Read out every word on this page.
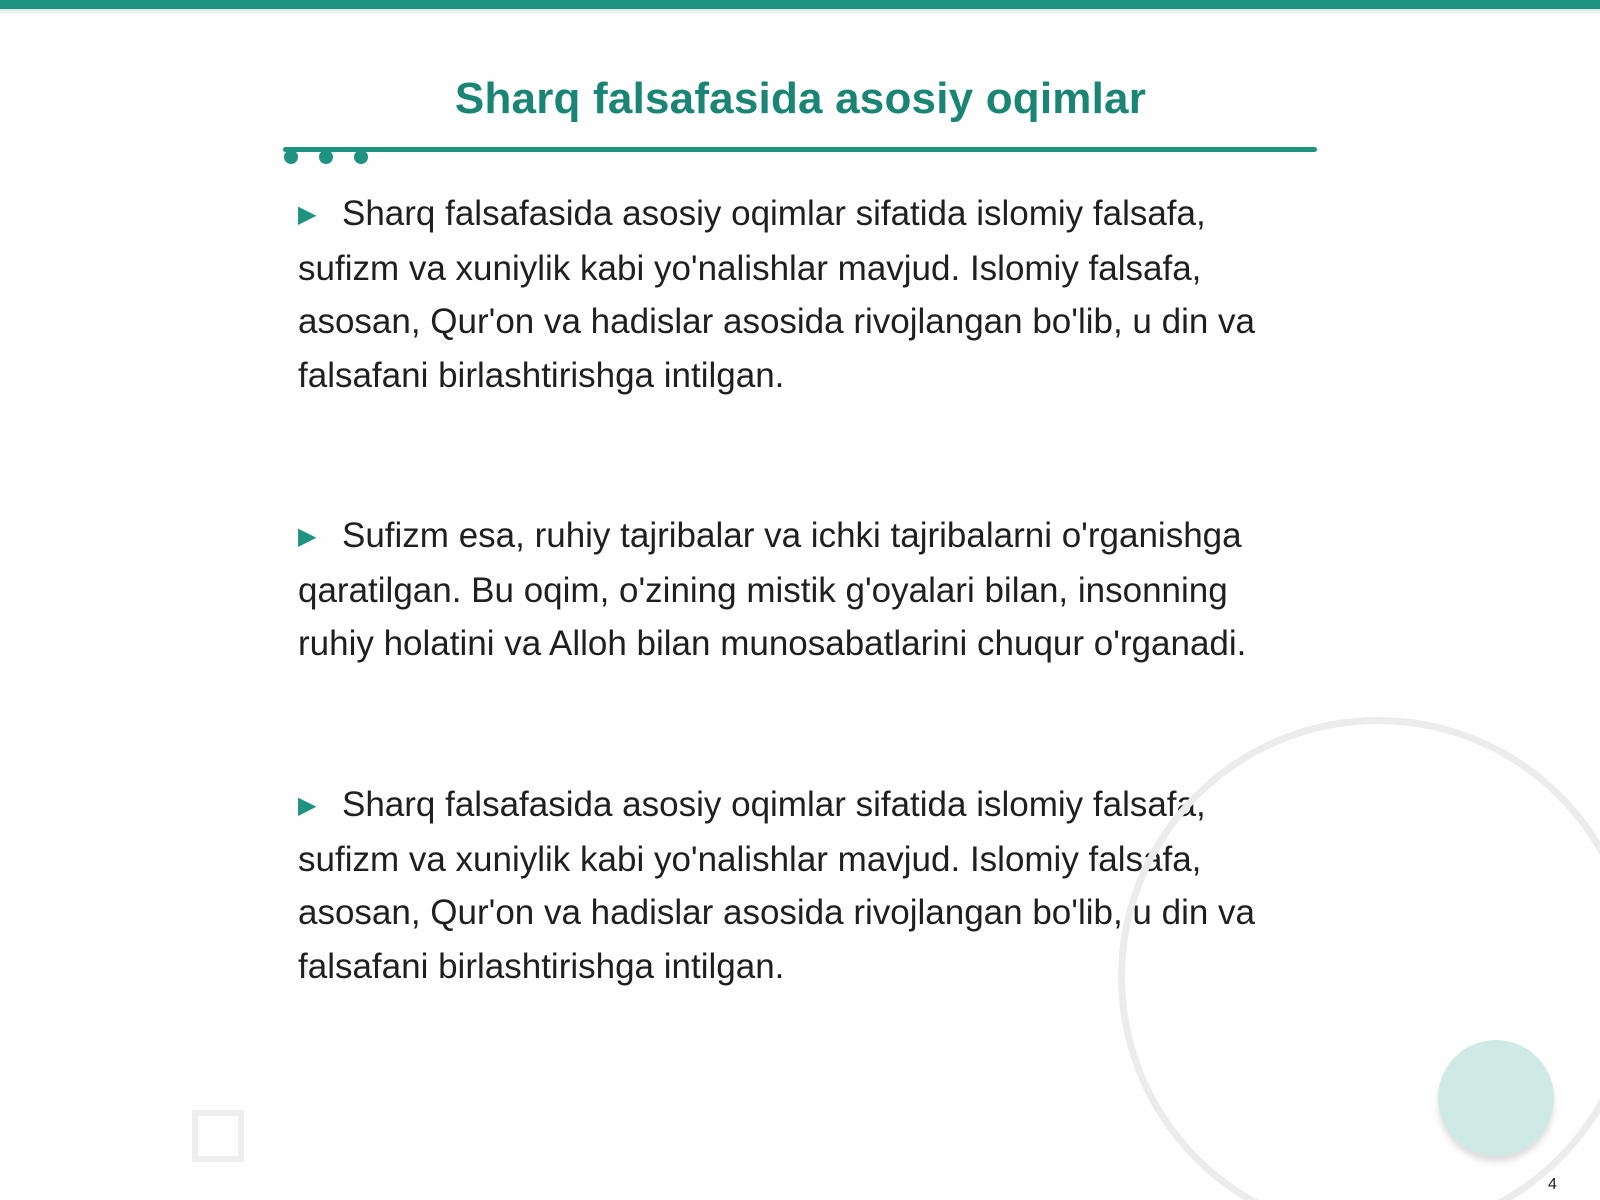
Sharq falsafasida asosiy oqimlar

▶ Sharq falsafasida asosiy oqimlar sifatida islomiy falsafa, sufizm va xuniylik kabi yo'nalishlar mavjud. Islomiy falsafa, asosan, Qur'on va hadislar asosida rivojlangan bo'lib, u din va falsafani birlashtirishga intilgan.

▶ Sufizm esa, ruhiy tajribalar va ichki tajribalarni o'rganishga qaratilgan. Bu oqim, o'zining mistik g'oyalari bilan, insonning ruhiy holatini va Alloh bilan munosabatlarini chuqur o'rganadi.

▶ Sharq falsafasida asosiy oqimlar sifatida islomiy falsafa, sufizm va xuniylik kabi yo'nalishlar mavjud. Islomiy falsafa, asosan, Qur'on va hadislar asosida rivojlangan bo'lib, u din va falsafani birlashtirishga intilgan.

4
